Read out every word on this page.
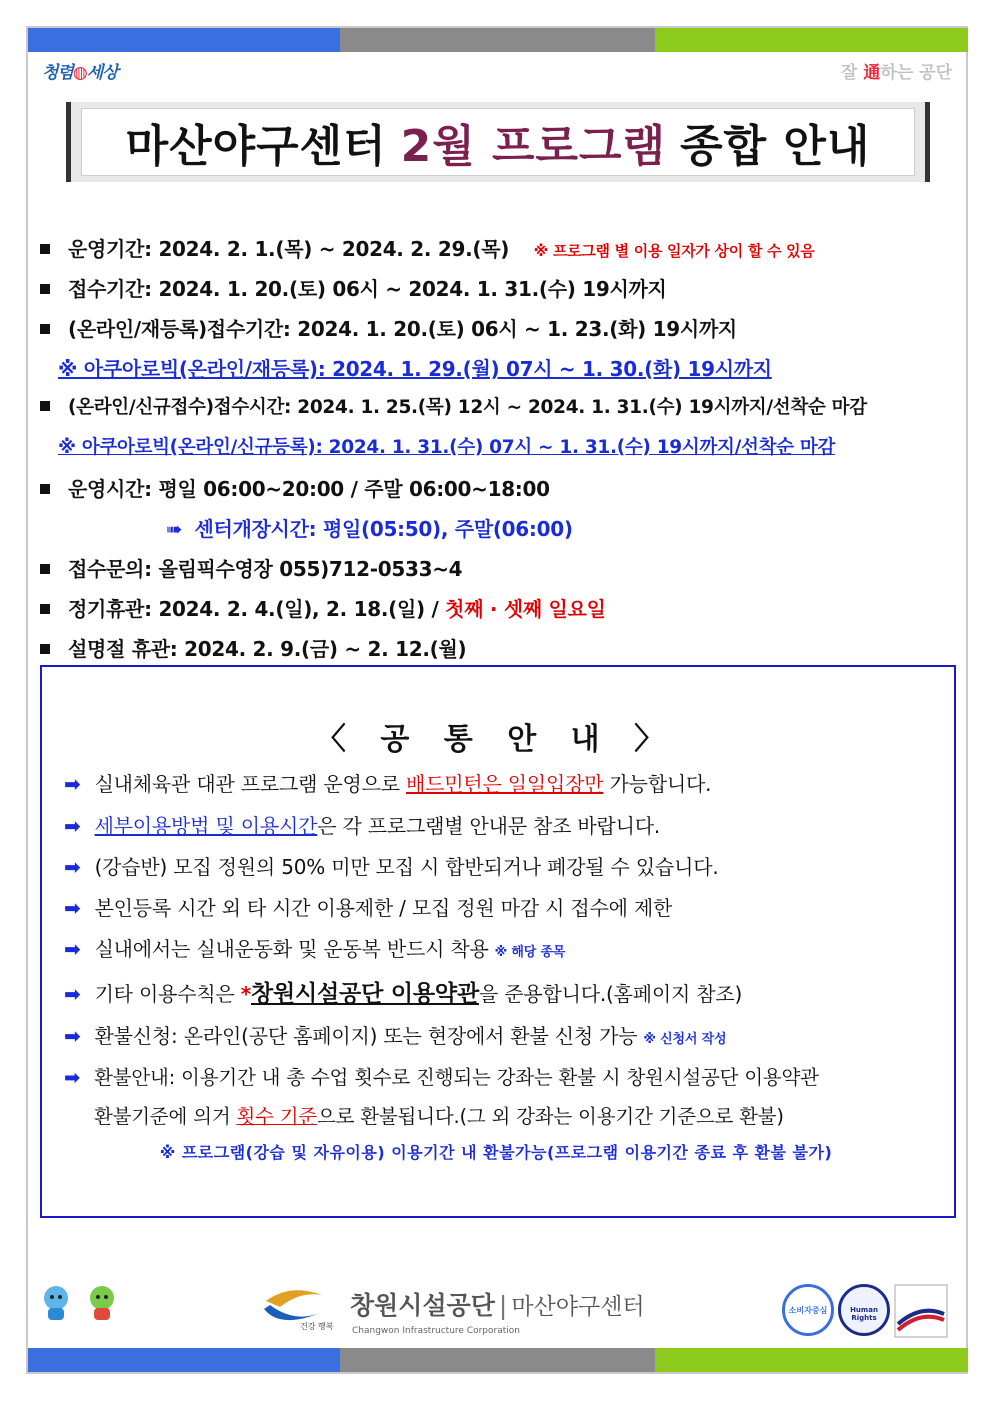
청렴◍세상	잘 通하는 공단
마산야구센터 2월 프로그램 종합 안내
운영기간: 2024. 2. 1.(목) ~ 2024. 2. 29.(목) ※ 프로그램 별 이용 일자가 상이 할 수 있음
접수기간: 2024. 1. 20.(토) 06시 ~ 2024. 1. 31.(수) 19시까지
(온라인/재등록)접수기간: 2024. 1. 20.(토) 06시 ~ 1. 23.(화) 19시까지
※ 아쿠아로빅(온라인/재등록): 2024. 1. 29.(월) 07시 ~ 1. 30.(화) 19시까지
(온라인/신규접수)접수시간: 2024. 1. 25.(목) 12시 ~ 2024. 1. 31.(수) 19시까지/선착순 마감
※ 아쿠아로빅(온라인/신규등록): 2024. 1. 31.(수) 07시 ~ 1. 31.(수) 19시까지/선착순 마감
운영시간: 평일 06:00~20:00 / 주말 06:00~18:00
➠ 센터개장시간: 평일(05:50), 주말(06:00)
접수문의: 올림픽수영장 055)712-0533~4
정기휴관: 2024. 2. 4.(일), 2. 18.(일) / 첫째 · 셋째 일요일
설명절 휴관: 2024. 2. 9.(금) ~ 2. 12.(월)
〈 공 통 안 내 〉
➡ 실내체육관 대관 프로그램 운영으로 배드민턴은 일일입장만 가능합니다.
➡ 세부이용방법 및 이용시간은 각 프로그램별 안내문 참조 바랍니다.
➡ (강습반) 모집 정원의 50% 미만 모집 시 합반되거나 폐강될 수 있습니다.
➡ 본인등록 시간 외 타 시간 이용제한 / 모집 정원 마감 시 접수에 제한
➡ 실내에서는 실내운동화 및 운동복 반드시 착용 ※ 해당 종목
➡ 기타 이용수칙은 *창원시설공단 이용약관을 준용합니다.(홈페이지 참조)
➡ 환불신청: 온라인(공단 홈페이지) 또는 현장에서 환불 신청 가능 ※ 신청서 작성
➡ 환불안내: 이용기간 내 총 수업 횟수로 진행되는 강좌는 환불 시 창원시설공단 이용약관
환불기준에 의거 횟수 기준으로 환불됩니다.(그 외 강좌는 이용기간 기준으로 환불)
※ 프로그램(강습 및 자유이용) 이용기간 내 환불가능(프로그램 이용기간 종료 후 환불 불가)
건강 행복
창원시설공단 | 마산야구센터
Changwon Infrastructure Corporation
소비자중심	Human Rights
